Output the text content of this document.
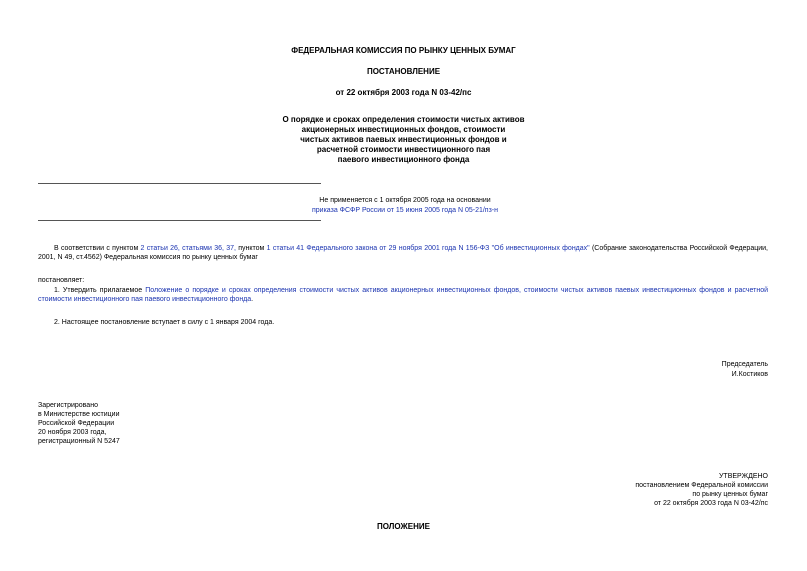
ФЕДЕРАЛЬНАЯ КОМИССИЯ ПО РЫНКУ ЦЕННЫХ БУМАГ
ПОСТАНОВЛЕНИЕ
от 22 октября 2003 года N 03-42/пс
О порядке и сроках определения стоимости чистых активов
акционерных инвестиционных фондов, стоимости
чистых активов паевых инвестиционных фондов и
расчетной стоимости инвестиционного пая
паевого инвестиционного фонда
Не применяется с 1 октября 2005 года на основании
приказа ФСФР России от 15 июня 2005 года N 05-21/пз-н
В соответствии с пунктом 2 статьи 26, статьями 36, 37, пунктом 1 статьи 41 Федерального закона от 29 ноября 2001 года N 156-ФЗ "Об инвестиционных фондах" (Собрание законодательства Российской Федерации, 2001, N 49, ст.4562) Федеральная комиссия по рынку ценных бумаг
постановляет:
1. Утвердить прилагаемое Положение о порядке и сроках определения стоимости чистых активов акционерных инвестиционных фондов, стоимости чистых активов паевых инвестиционных фондов и расчетной стоимости инвестиционного пая паевого инвестиционного фонда.
2. Настоящее постановление вступает в силу с 1 января 2004 года.
Председатель
И.Костиков
Зарегистрировано
в Министерстве юстиции
Российской Федерации
20 ноября 2003 года,
регистрационный N 5247
УТВЕРЖДЕНО
постановлением Федеральной комиссии
по рынку ценных бумаг
от 22 октября 2003 года N 03-42/пс
ПОЛОЖЕНИЕ
